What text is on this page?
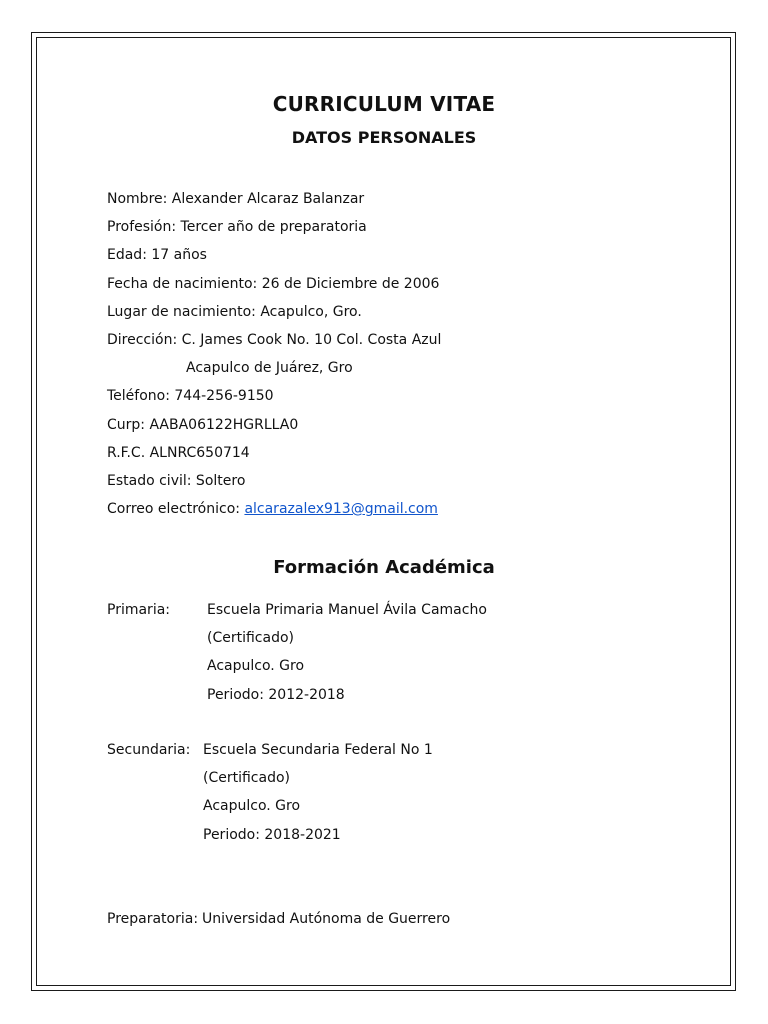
CURRICULUM VITAE
DATOS PERSONALES
Nombre: Alexander Alcaraz Balanzar
Profesión: Tercer año de preparatoria
Edad: 17 años
Fecha de nacimiento: 26 de Diciembre de 2006
Lugar de nacimiento: Acapulco, Gro.
Dirección: C. James Cook No. 10 Col. Costa Azul
Acapulco de Juárez, Gro
Teléfono: 744-256-9150
Curp: AABA06122HGRLLA0
R.F.C. ALNRC650714
Estado civil: Soltero
Correo electrónico: alcarazalex913@gmail.com
Formación Académica
Primaria:	Escuela Primaria Manuel Ávila Camacho
(Certificado)
Acapulco. Gro
Periodo: 2012-2018
Secundaria: Escuela Secundaria Federal No 1
(Certificado)
Acapulco. Gro
Periodo: 2018-2021
Preparatoria: Universidad Autónoma de Guerrero
